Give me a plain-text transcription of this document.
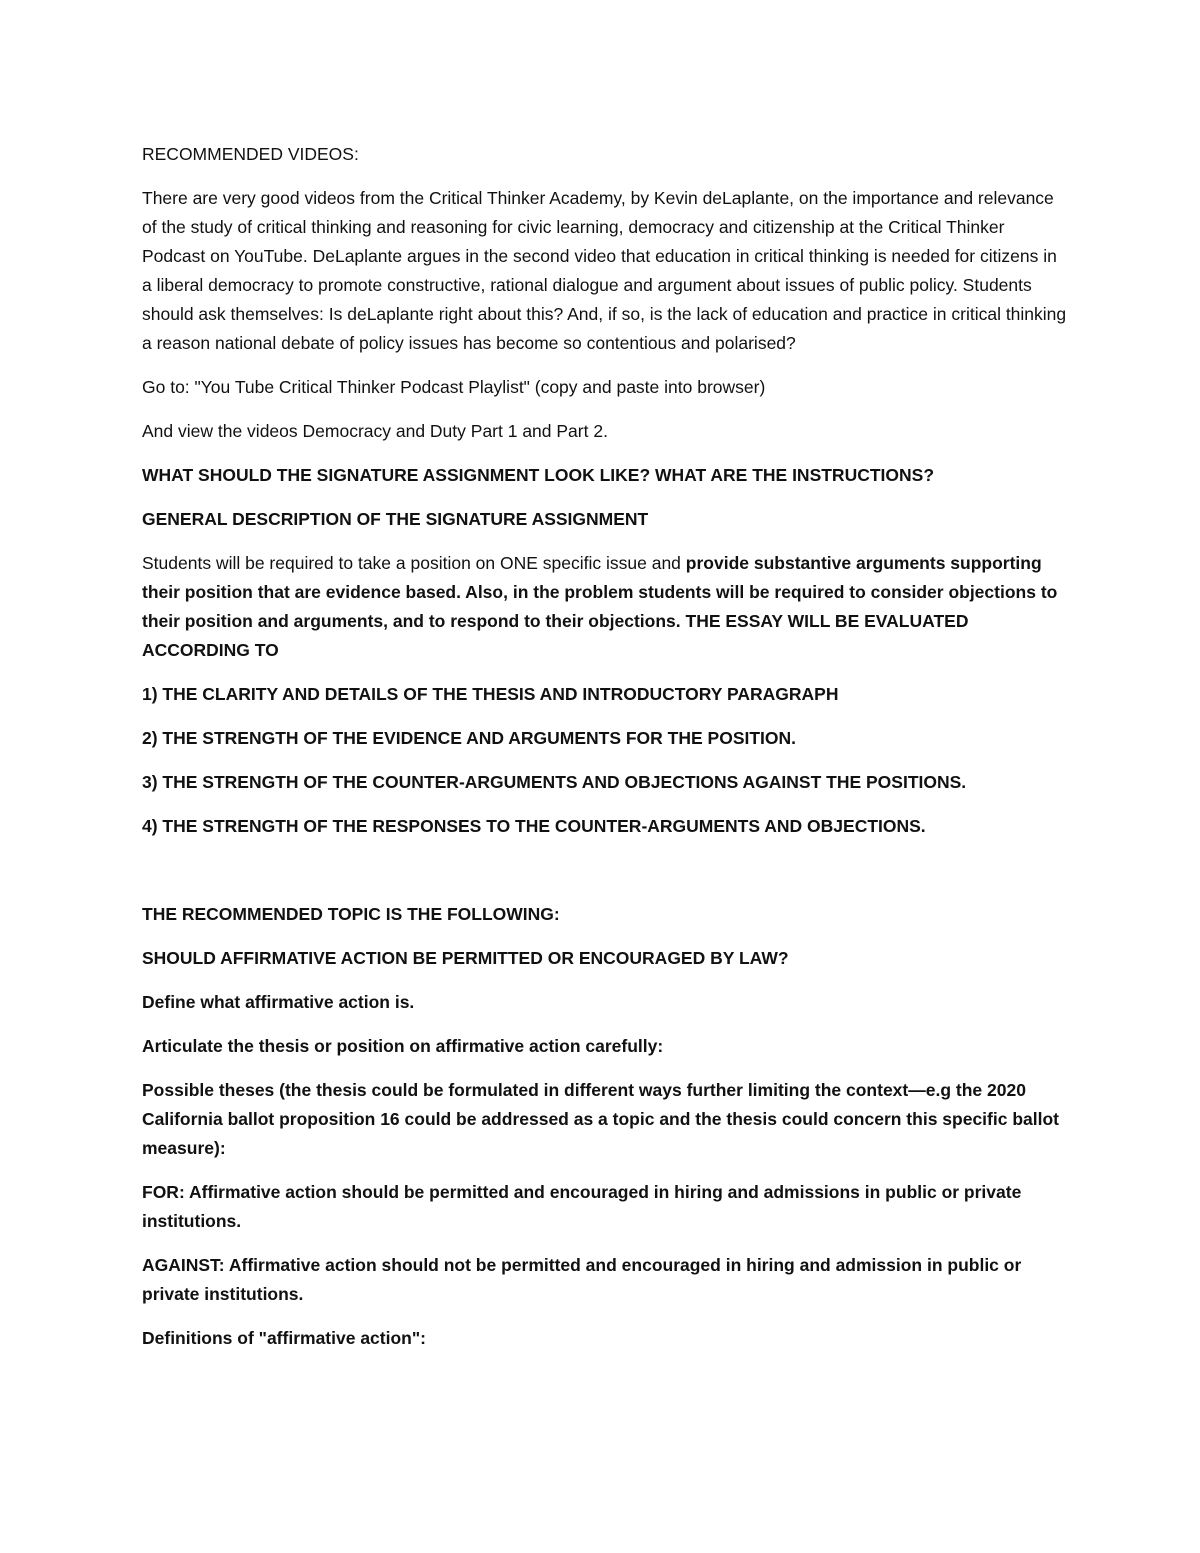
RECOMMENDED VIDEOS:

There are very good videos from the Critical Thinker Academy, by Kevin deLaplante, on the importance and relevance of the study of critical thinking and reasoning for civic learning, democracy and citizenship at the Critical Thinker Podcast on YouTube. DeLaplante argues in the second video that education in critical thinking is needed for citizens in a liberal democracy to promote constructive, rational dialogue and argument about issues of public policy. Students should ask themselves: Is deLaplante right about this? And, if so, is the lack of education and practice in critical thinking a reason national debate of policy issues has become so contentious and polarised?

Go to: "You Tube Critical Thinker Podcast Playlist" (copy and paste into browser)

And view the videos Democracy and Duty Part 1 and Part 2.

WHAT SHOULD THE SIGNATURE ASSIGNMENT LOOK LIKE? WHAT ARE THE INSTRUCTIONS?

GENERAL DESCRIPTION OF THE SIGNATURE ASSIGNMENT

Students will be required to take a position on ONE specific issue and provide substantive arguments supporting their position that are evidence based. Also, in the problem students will be required to consider objections to their position and arguments, and to respond to their objections. THE ESSAY WILL BE EVALUATED ACCORDING TO

1) THE CLARITY AND DETAILS OF THE THESIS AND INTRODUCTORY PARAGRAPH

2) THE STRENGTH OF THE EVIDENCE AND ARGUMENTS FOR THE POSITION.

3) THE STRENGTH OF THE COUNTER-ARGUMENTS AND OBJECTIONS AGAINST THE POSITIONS.

4) THE STRENGTH OF THE RESPONSES TO THE COUNTER-ARGUMENTS AND OBJECTIONS.

THE RECOMMENDED TOPIC IS THE FOLLOWING:

SHOULD AFFIRMATIVE ACTION BE PERMITTED OR ENCOURAGED BY LAW?

Define what affirmative action is.

Articulate the thesis or position on affirmative action carefully:

Possible theses (the thesis could be formulated in different ways further limiting the context—e.g the 2020 California ballot proposition 16 could be addressed as a topic and the thesis could concern this specific ballot measure):

FOR: Affirmative action should be permitted and encouraged in hiring and admissions in public or private institutions.

AGAINST: Affirmative action should not be permitted and encouraged in hiring and admission in public or private institutions.

Definitions of "affirmative action":
